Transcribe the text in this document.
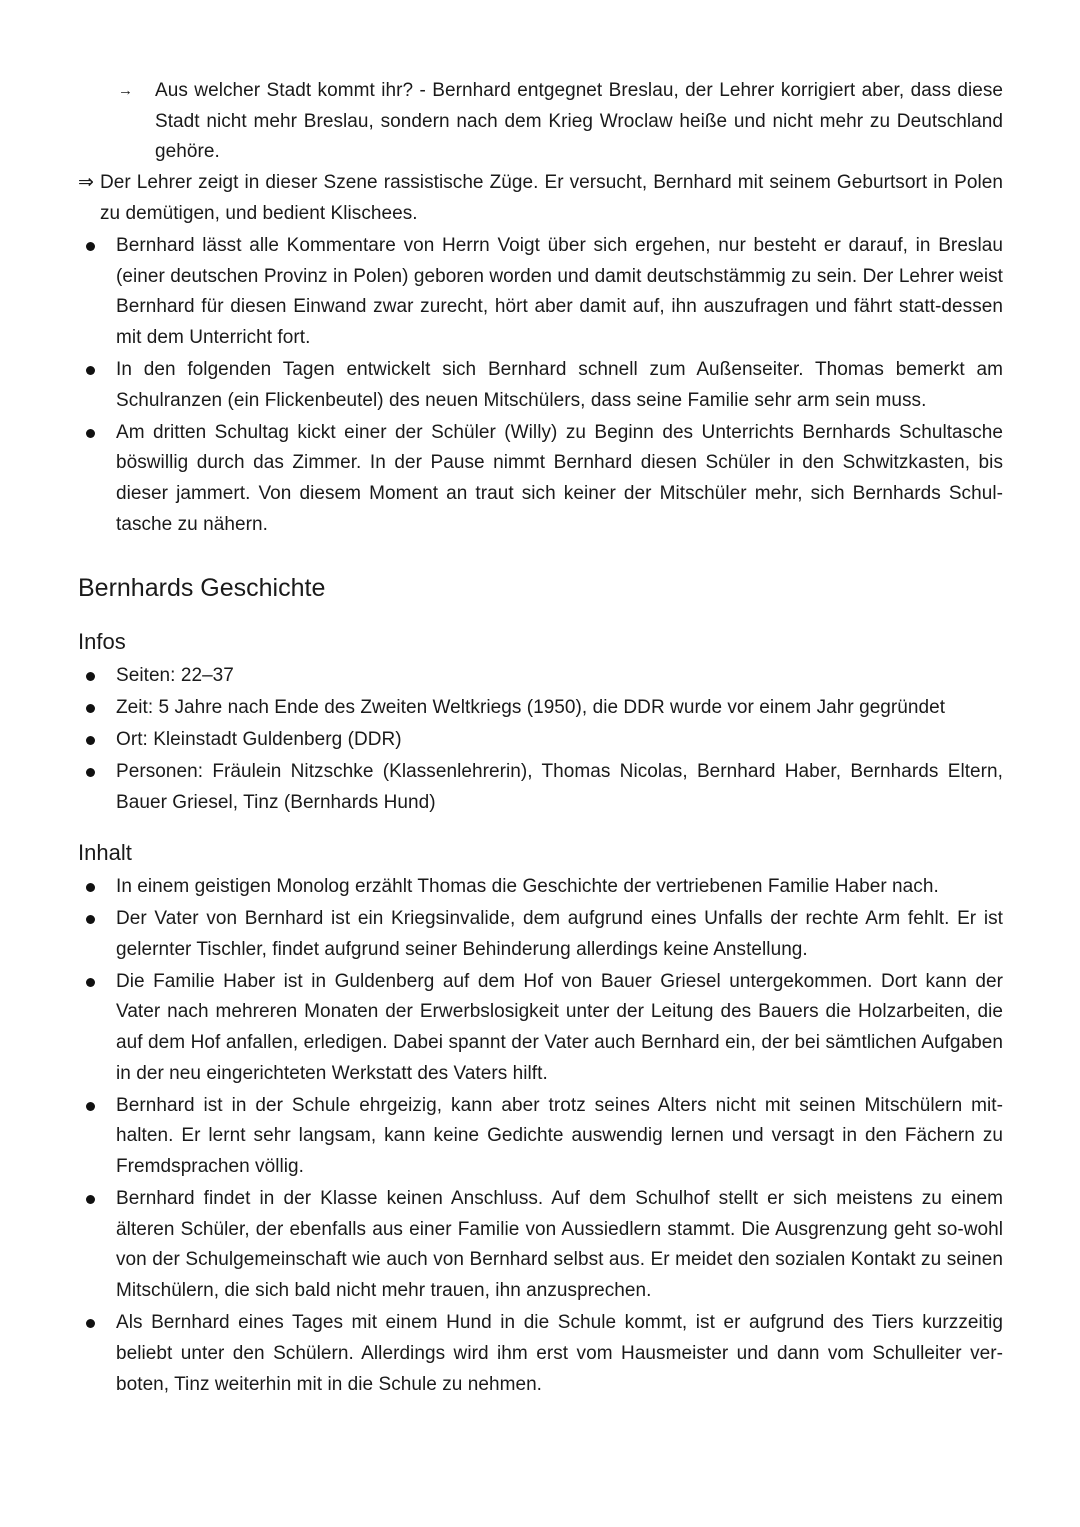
→ Aus welcher Stadt kommt ihr? - Bernhard entgegnet Breslau, der Lehrer korrigiert aber, dass diese Stadt nicht mehr Breslau, sondern nach dem Krieg Wroclaw heiße und nicht mehr zu Deutschland gehöre.

⇒ Der Lehrer zeigt in dieser Szene rassistische Züge. Er versucht, Bernhard mit seinem Geburtsort in Polen zu demütigen, und bedient Klischees.

Bernhard lässt alle Kommentare von Herrn Voigt über sich ergehen, nur besteht er darauf, in Breslau (einer deutschen Provinz in Polen) geboren worden und damit deutschstämmig zu sein. Der Lehrer weist Bernhard für diesen Einwand zwar zurecht, hört aber damit auf, ihn auszufragen und fährt statt-dessen mit dem Unterricht fort.
In den folgenden Tagen entwickelt sich Bernhard schnell zum Außenseiter. Thomas bemerkt am Schulranzen (ein Flickenbeutel) des neuen Mitschülers, dass seine Familie sehr arm sein muss.
Am dritten Schultag kickt einer der Schüler (Willy) zu Beginn des Unterrichts Bernhards Schultasche böswillig durch das Zimmer. In der Pause nimmt Bernhard diesen Schüler in den Schwitzkasten, bis dieser jammert. Von diesem Moment an traut sich keiner der Mitschüler mehr, sich Bernhards Schul-tasche zu nähern.
Bernhards Geschichte
Infos
Seiten: 22–37
Zeit: 5 Jahre nach Ende des Zweiten Weltkriegs (1950), die DDR wurde vor einem Jahr gegründet
Ort: Kleinstadt Guldenberg (DDR)
Personen: Fräulein Nitzschke (Klassenlehrerin), Thomas Nicolas, Bernhard Haber, Bernhards Eltern, Bauer Griesel, Tinz (Bernhards Hund)
Inhalt
In einem geistigen Monolog erzählt Thomas die Geschichte der vertriebenen Familie Haber nach.
Der Vater von Bernhard ist ein Kriegsinvalide, dem aufgrund eines Unfalls der rechte Arm fehlt. Er ist gelernter Tischler, findet aufgrund seiner Behinderung allerdings keine Anstellung.
Die Familie Haber ist in Guldenberg auf dem Hof von Bauer Griesel untergekommen. Dort kann der Vater nach mehreren Monaten der Erwerbslosigkeit unter der Leitung des Bauers die Holzarbeiten, die auf dem Hof anfallen, erledigen. Dabei spannt der Vater auch Bernhard ein, der bei sämtlichen Aufgaben in der neu eingerichteten Werkstatt des Vaters hilft.
Bernhard ist in der Schule ehrgeizig, kann aber trotz seines Alters nicht mit seinen Mitschülern mit-halten. Er lernt sehr langsam, kann keine Gedichte auswendig lernen und versagt in den Fächern zu Fremdsprachen völlig.
Bernhard findet in der Klasse keinen Anschluss. Auf dem Schulhof stellt er sich meistens zu einem älteren Schüler, der ebenfalls aus einer Familie von Aussiedlern stammt. Die Ausgrenzung geht so-wohl von der Schulgemeinschaft wie auch von Bernhard selbst aus. Er meidet den sozialen Kontakt zu seinen Mitschülern, die sich bald nicht mehr trauen, ihn anzusprechen.
Als Bernhard eines Tages mit einem Hund in die Schule kommt, ist er aufgrund des Tiers kurzzeitig beliebt unter den Schülern. Allerdings wird ihm erst vom Hausmeister und dann vom Schulleiter ver-boten, Tinz weiterhin mit in die Schule zu nehmen.
